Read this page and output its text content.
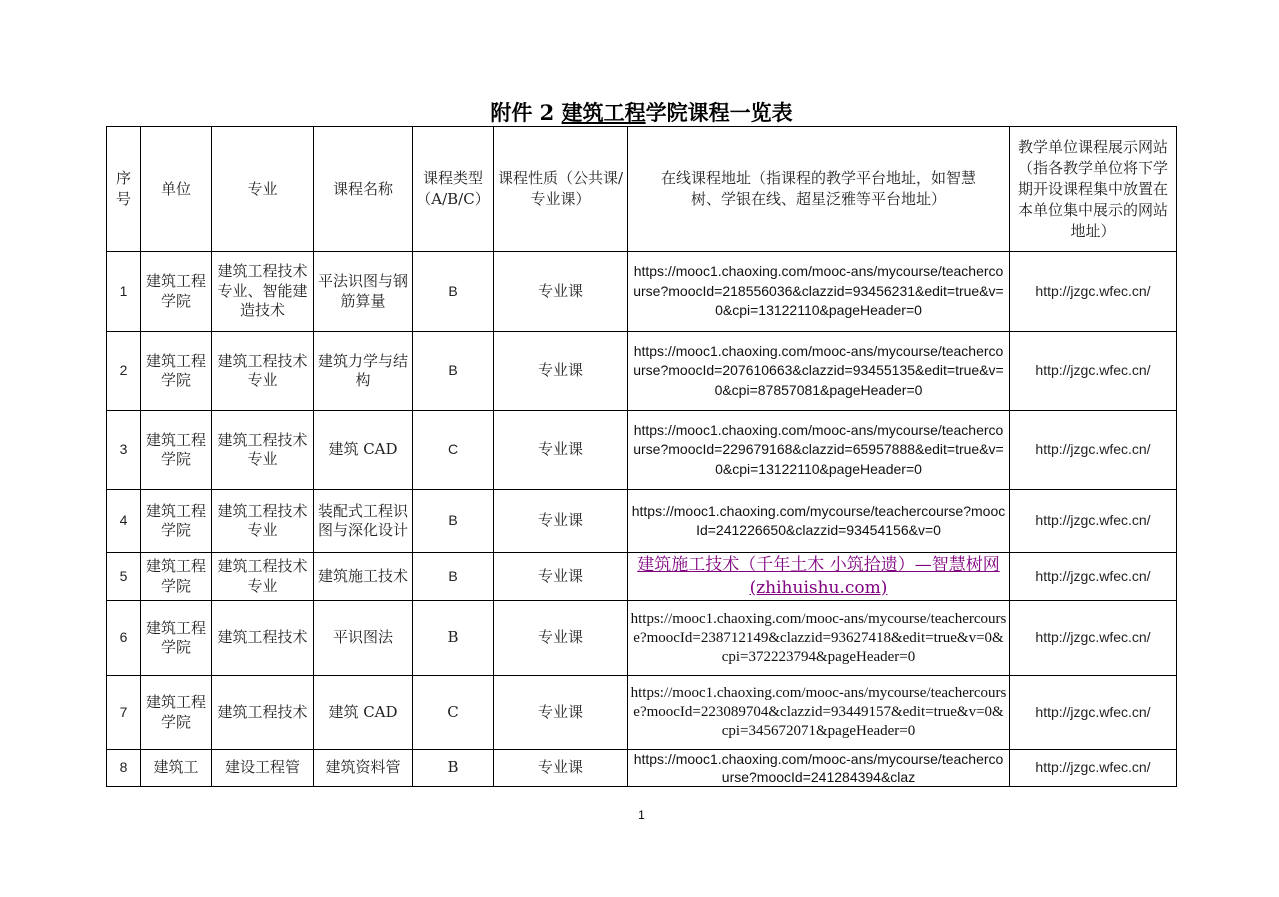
附件 2 建筑工程学院课程一览表
序号	单位	专业	课程名称	课程类型（A/B/C）	课程性质（公共课/专业课）	在线课程地址（指课程的教学平台地址，如智慧树、学银在线、超星泛雅等平台地址）	教学单位课程展示网站（指各教学单位将下学期开设课程集中放置在本单位集中展示的网站地址）
1	建筑工程学院	建筑工程技术专业、智能建造技术	平法识图与钢筋算量	B	专业课	https://mooc1.chaoxing.com/mooc-ans/mycourse/teachercourse?moocId=218556036&clazzid=93456231&edit=true&v=0&cpi=13122110&pageHeader=0	http://jzgc.wfec.cn/
2	建筑工程学院	建筑工程技术专业	建筑力学与结构	B	专业课	https://mooc1.chaoxing.com/mooc-ans/mycourse/teachercourse?moocId=207610663&clazzid=93455135&edit=true&v=0&cpi=87857081&pageHeader=0	http://jzgc.wfec.cn/
3	建筑工程学院	建筑工程技术专业	建筑 CAD	C	专业课	https://mooc1.chaoxing.com/mooc-ans/mycourse/teachercourse?moocId=229679168&clazzid=65957888&edit=true&v=0&cpi=13122110&pageHeader=0	http://jzgc.wfec.cn/
4	建筑工程学院	建筑工程技术专业	装配式工程识图与深化设计	B	专业课	https://mooc1.chaoxing.com/mycourse/teachercourse?moocId=241226650&clazzid=93454156&v=0	http://jzgc.wfec.cn/
5	建筑工程学院	建筑工程技术专业	建筑施工技术	B	专业课	建筑施工技术（千年土木 小筑拾遗）—智慧树网 (zhihuishu.com)	http://jzgc.wfec.cn/
6	建筑工程学院	建筑工程技术	平识图法	B	专业课	https://mooc1.chaoxing.com/mooc-ans/mycourse/teachercourse?moocId=238712149&clazzid=93627418&edit=true&v=0&cpi=372223794&pageHeader=0	http://jzgc.wfec.cn/
7	建筑工程学院	建筑工程技术	建筑 CAD	C	专业课	https://mooc1.chaoxing.com/mooc-ans/mycourse/teachercourse?moocId=223089704&clazzid=93449157&edit=true&v=0&cpi=345672071&pageHeader=0	http://jzgc.wfec.cn/
8	建筑工	建设工程管	建筑资料管	B	专业课	https://mooc1.chaoxing.com/mooc-ans/mycourse/teachercourse?moocId=241284394&claz	http://jzgc.wfec.cn/
1
